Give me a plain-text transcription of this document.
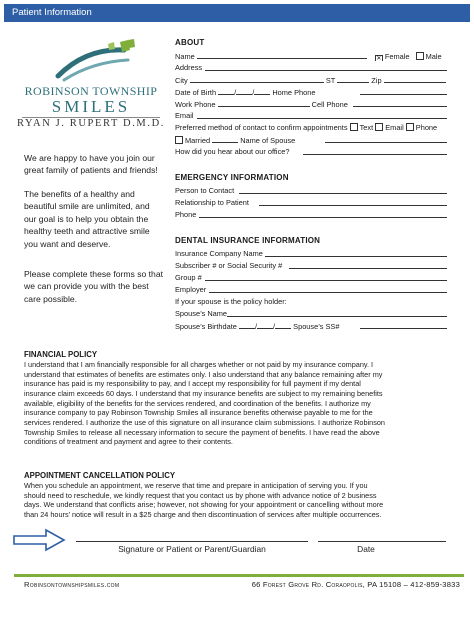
Patient Information
ROBINSON TOWNSHIP
SMILES
RYAN J. RUPERT D.M.D.
We are happy to have you join our great family of patients and friends!
The benefits of a healthy and beautiful smile are unlimited, and our goal is to help you obtain the healthy teeth and attractive smile you want and deserve.
Please complete these forms so that we can provide you with the best care possible.
ABOUT
Name  ✕	Female Male
Address
City	ST	Zip
Date of Birth / / Home Phone
Work Phone	Cell Phone
Email
Preferred method of contact to confirm appointments Text Email Phone
Married	Name of Spouse
How did you hear about our office?
EMERGENCY INFORMATION
Person to Contact
Relationship to Patient
Phone
DENTAL INSURANCE INFORMATION
Insurance Company Name
Subscriber # or Social Security #
Group #
Employer
If your spouse is the policy holder:
Spouse’s Name
Spouse’s Birthdate / / Spouse’s SS#
FINANCIAL POLICY
I understand that I am financially responsible for all charges whether or not paid by my insurance company. I
understand that estimates of benefits are estimates only. I also understand that any balance remaining after my
insurance has paid is my responsibility to pay, and I accept my responsibility for full payment if my dental
insurance claim exceeds 60 days. I understand that my insurance benefits are subject to my remaining benefits
available, eligibility of the benefits for the services rendered, and coordination of the benefits. I authorize my
insurance company to pay Robinson Township Smiles all insurance benefits otherwise payable to me for the
services rendered. I authorize the use of this signature on all insurance claim submissions. I authorize Robinson
Township Smiles to release all necessary information to secure the payment of benefits. I have read the above
conditions of treatment and payment and agree to their contents.
APPOINTMENT CANCELLATION POLICY
When you schedule an appointment, we reserve that time and prepare in anticipation of serving you. If you
should need to reschedule, we kindly request that you contact us by phone with advance notice of 2 business
days. We understand that conflicts arise; however, not showing for your appointment or cancelling without more
than 24 hours’ notice will result in a $25 charge and then discontinuation of services after multiple occurrences.
Signature or Patient or Parent/Guardian	Date
Robinsontownshipsmiles.com	66 Forest Grove Rd. Coraopolis, PA 15108 – 412-859-3833
